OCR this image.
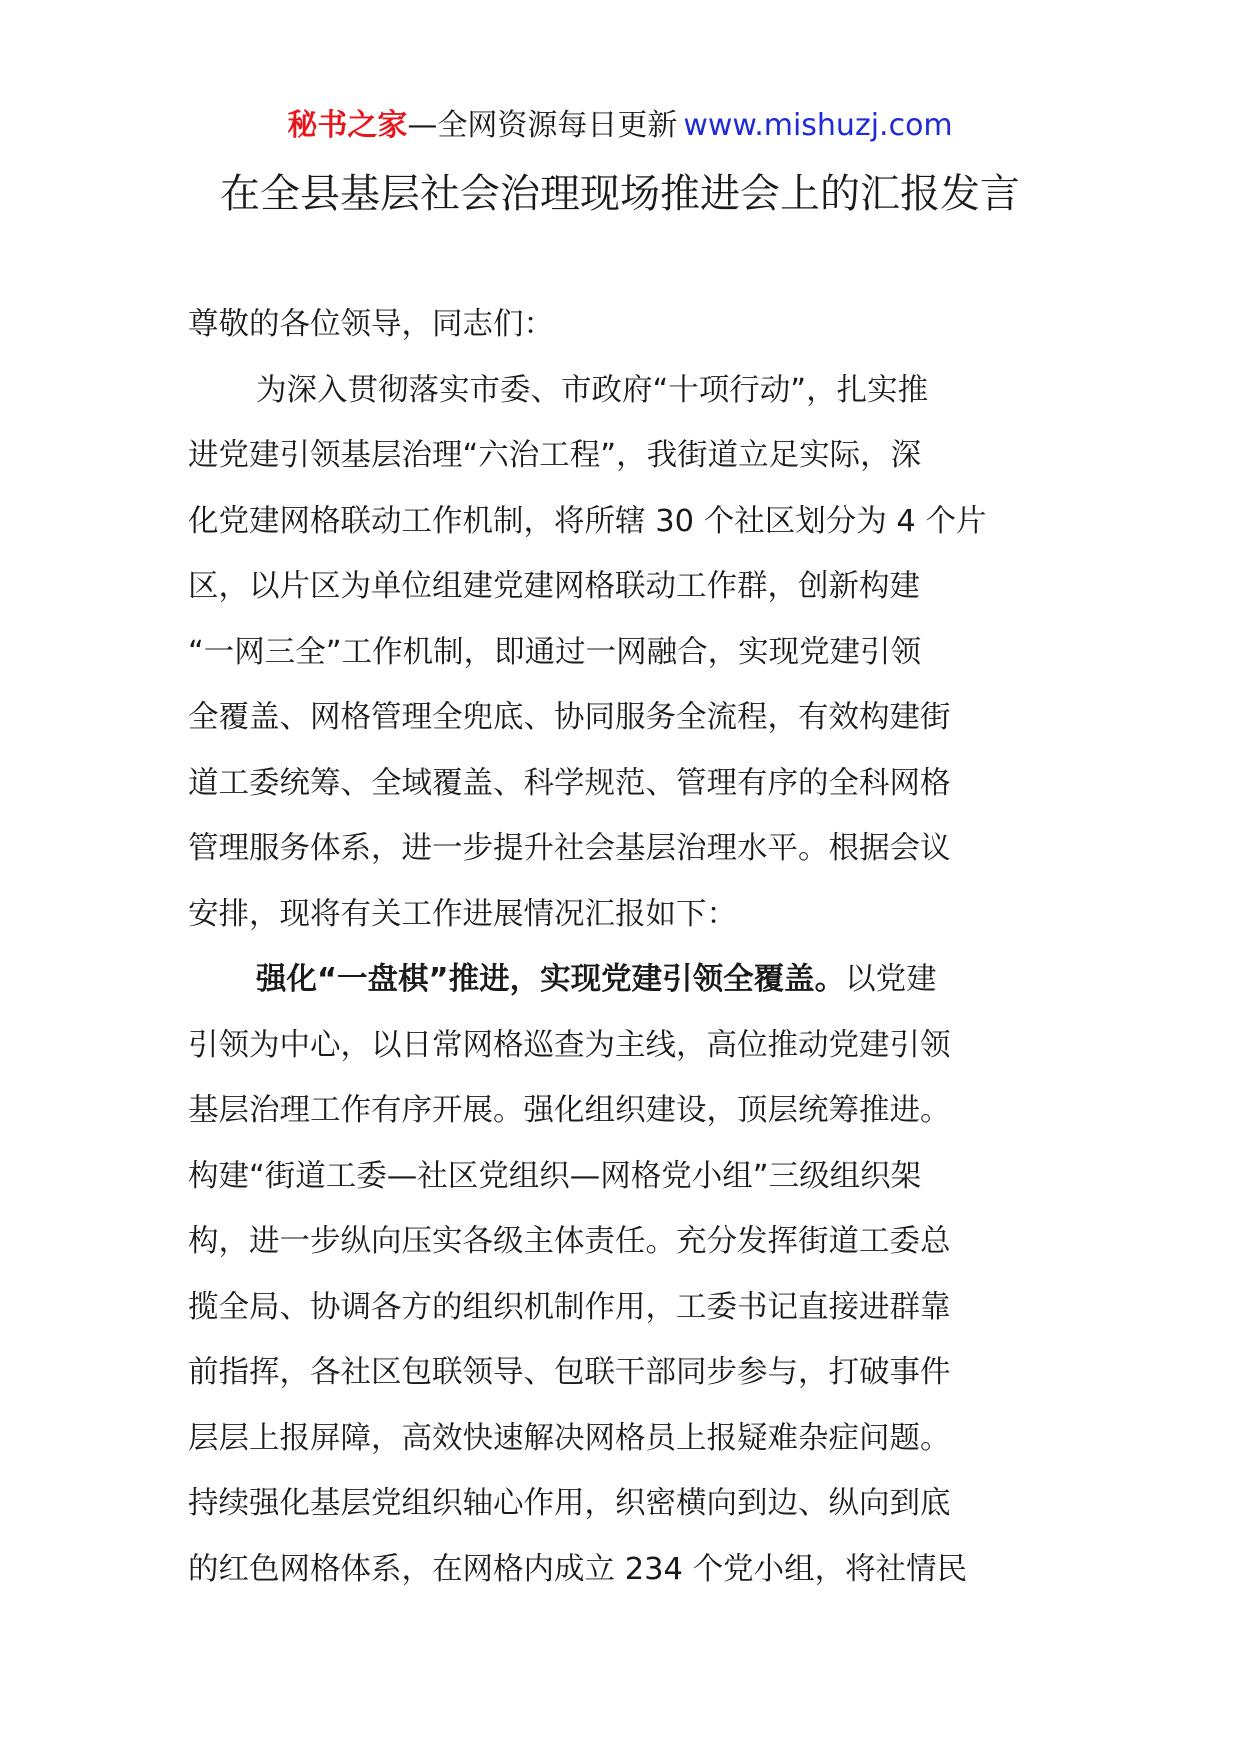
秘书之家—全网资源每日更新 www.mishuzj.com
在全县基层社会治理现场推进会上的汇报发言
尊敬的各位领导，同志们：
为深入贯彻落实市委、市政府“十项行动”，扎实推
进党建引领基层治理“六治工程”，我街道立足实际，深
化党建网格联动工作机制，将所辖 30 个社区划分为 4 个片
区，以片区为单位组建党建网格联动工作群，创新构建
“一网三全”工作机制，即通过一网融合，实现党建引领
全覆盖、网格管理全兜底、协同服务全流程，有效构建街
道工委统筹、全域覆盖、科学规范、管理有序的全科网格
管理服务体系，进一步提升社会基层治理水平。根据会议
安排，现将有关工作进展情况汇报如下：
强化“一盘棋”推进，实现党建引领全覆盖。以党建
引领为中心，以日常网格巡查为主线，高位推动党建引领
基层治理工作有序开展。强化组织建设，顶层统筹推进。
构建“街道工委—社区党组织—网格党小组”三级组织架
构，进一步纵向压实各级主体责任。充分发挥街道工委总
揽全局、协调各方的组织机制作用，工委书记直接进群靠
前指挥，各社区包联领导、包联干部同步参与，打破事件
层层上报屏障，高效快速解决网格员上报疑难杂症问题。
持续强化基层党组织轴心作用，织密横向到边、纵向到底
的红色网格体系，在网格内成立 234 个党小组，将社情民
